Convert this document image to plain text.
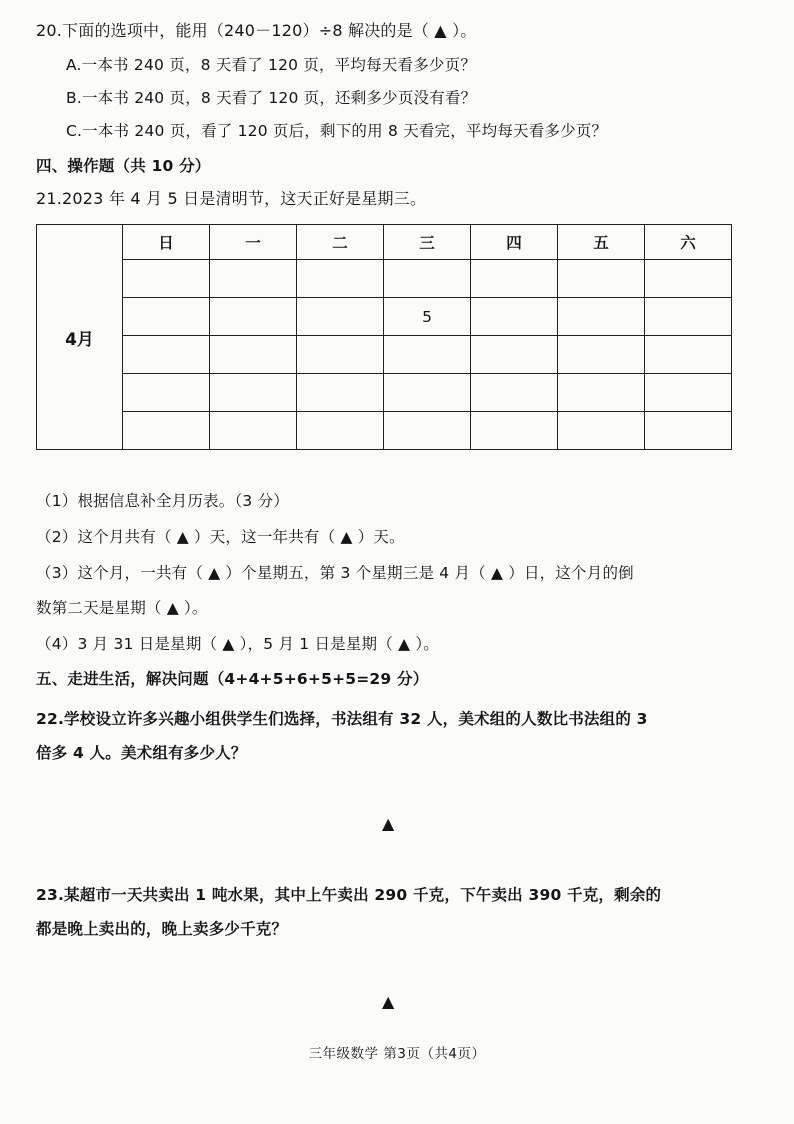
20.下面的选项中，能用（240－120）÷8 解决的是（ ▲ ）。
A.一本书 240 页，8 天看了 120 页，平均每天看多少页？
B.一本书 240 页，8 天看了 120 页，还剩多少页没有看？
C.一本书 240 页，看了 120 页后，剩下的用 8 天看完，平均每天看多少页？
四、操作题（共 10 分）
21.2023 年 4 月 5 日是清明节，这天正好是星期三。
4月	日	一	二	三	四	五	六

				5			

（1）根据信息补全月历表。（3 分）
（2）这个月共有（ ▲ ）天，这一年共有（ ▲ ）天。
（3）这个月，一共有（ ▲ ）个星期五，第 3 个星期三是 4 月（ ▲ ）日，这个月的倒
数第二天是星期（ ▲ ）。
（4）3 月 31 日是星期（ ▲ ），5 月 1 日是星期（ ▲ ）。
五、走进生活，解决问题（4+4+5+6+5+5=29 分）
22.学校设立许多兴趣小组供学生们选择，书法组有 32 人，美术组的人数比书法组的 3
倍多 4 人。美术组有多少人？
▲
23.某超市一天共卖出 1 吨水果，其中上午卖出 290 千克，下午卖出 390 千克，剩余的
都是晚上卖出的，晚上卖多少千克？
▲
三年级数学 第3页（共4页）
